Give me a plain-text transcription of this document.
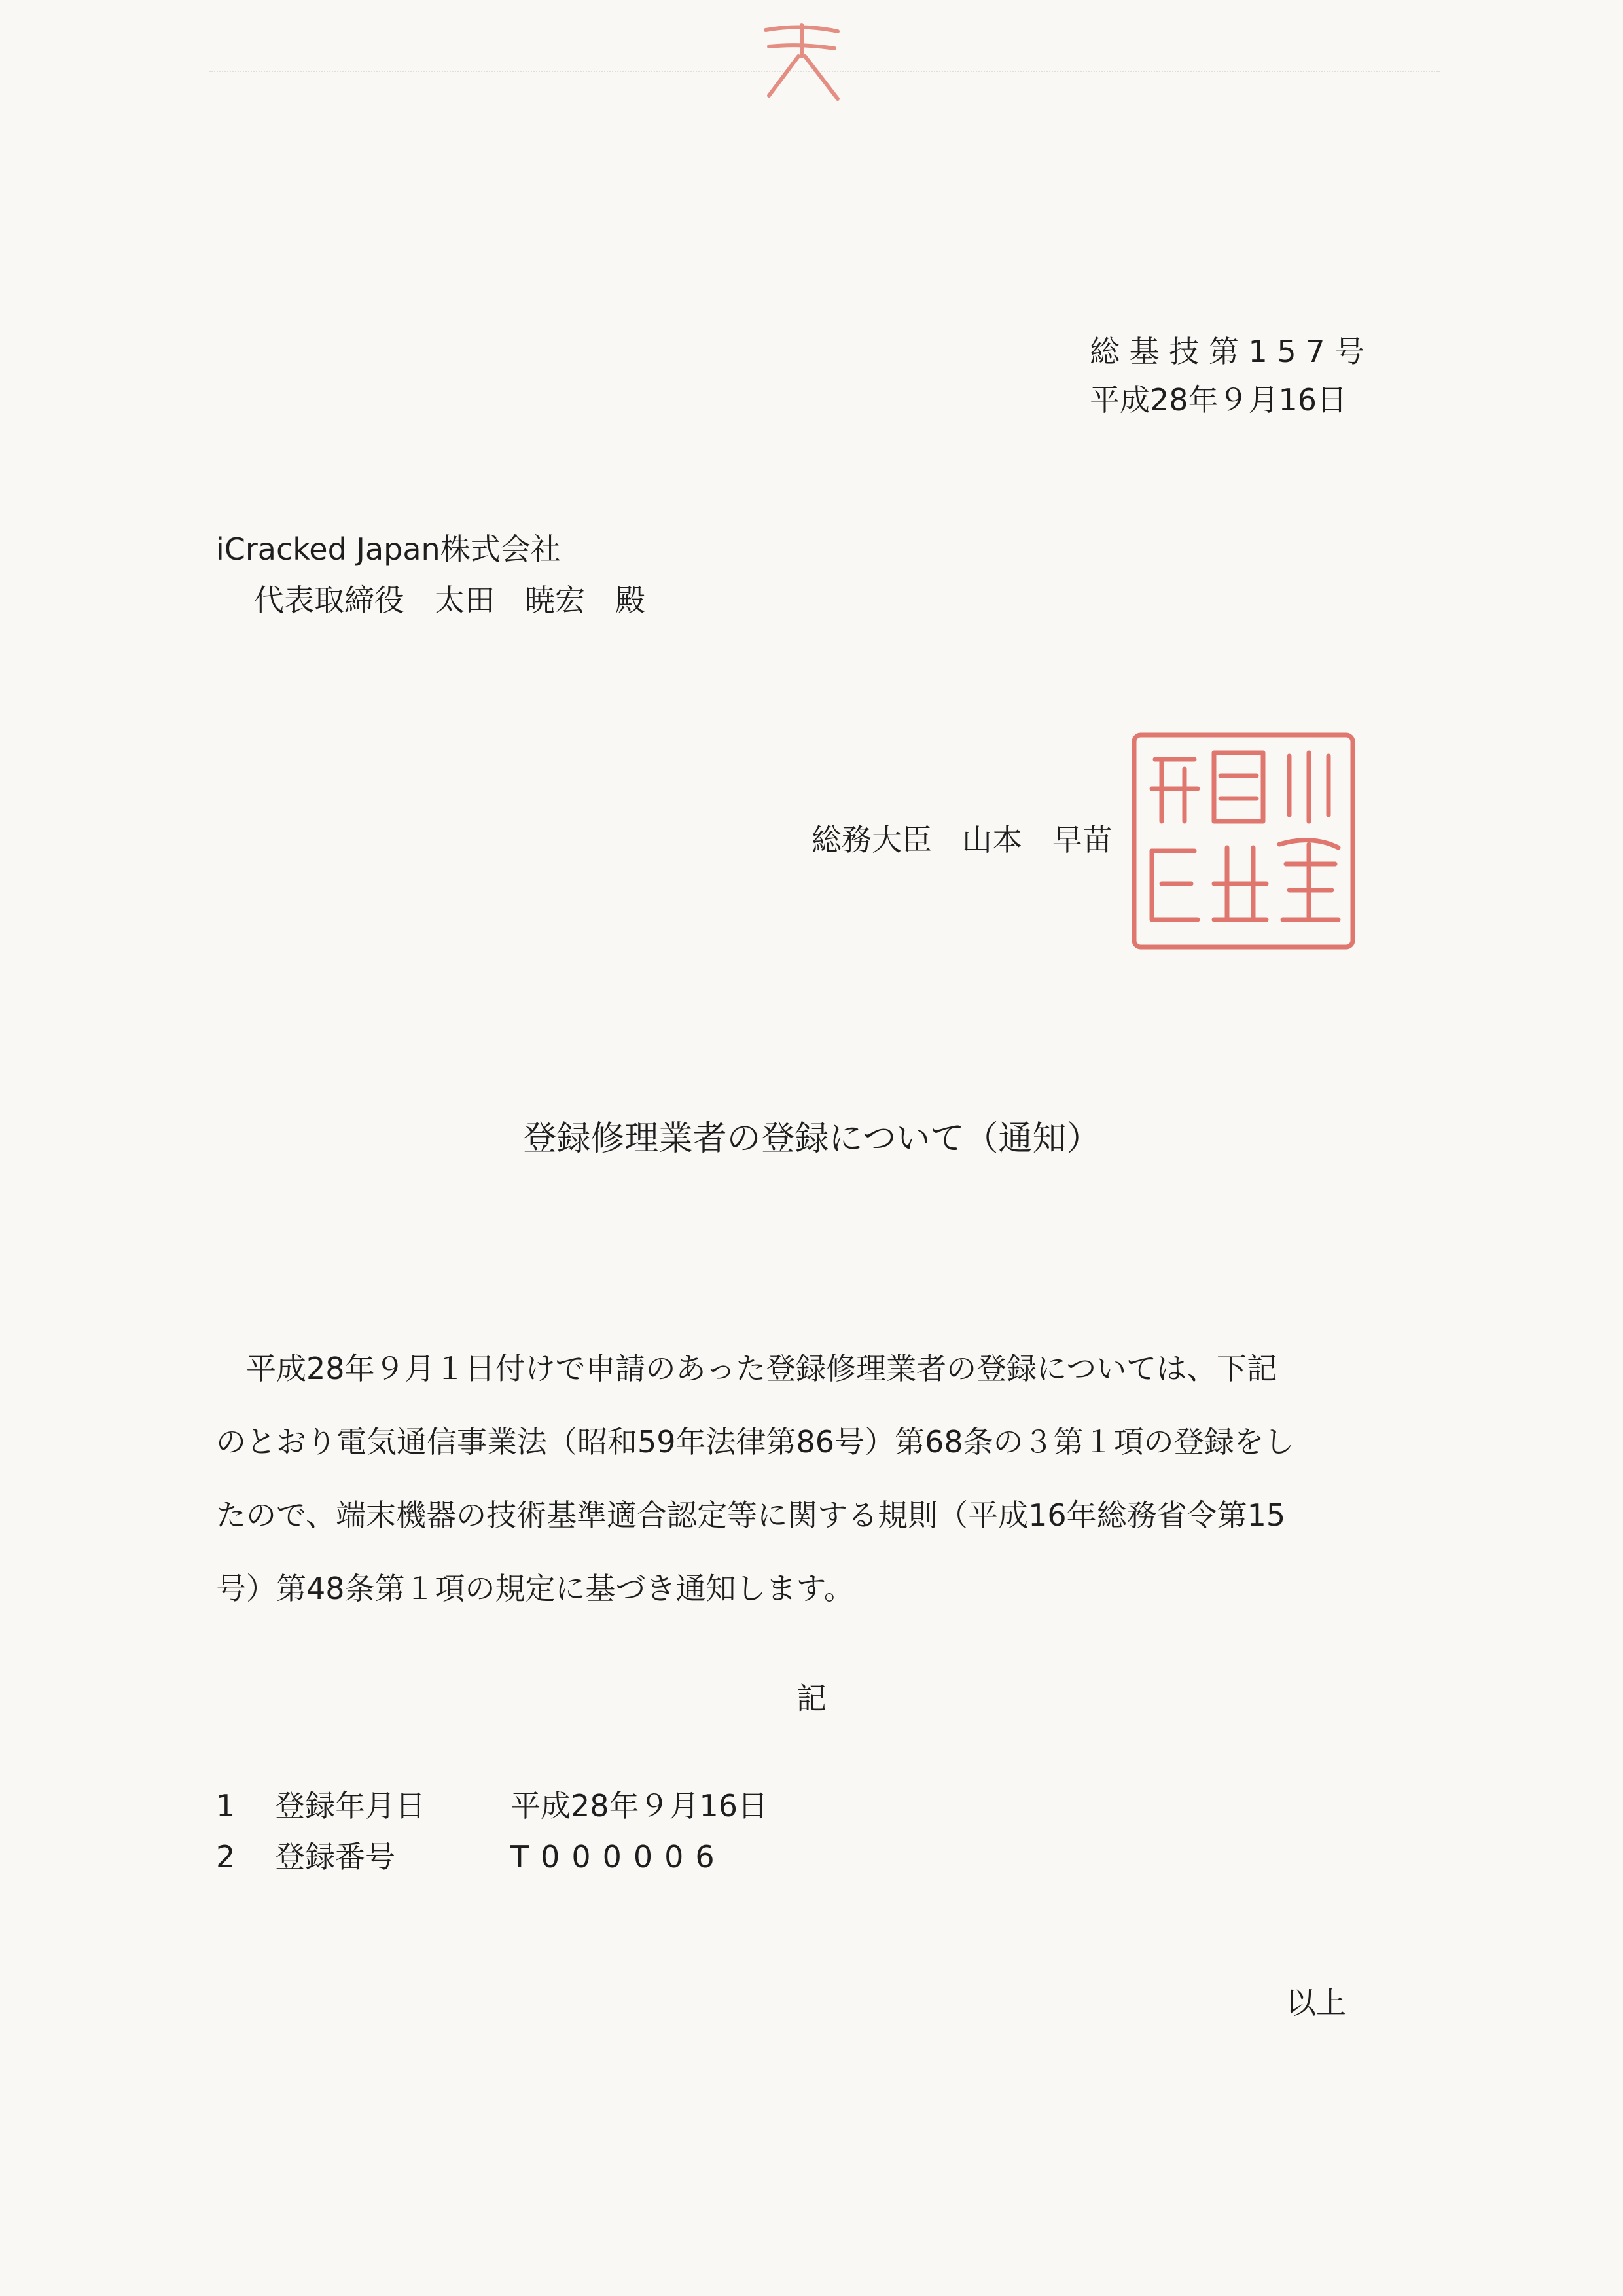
総 基 技 第 1 5 7 号
平成28年９月16日
iCracked Japan株式会社
代表取締役 太田 暁宏 殿
総務大臣 山本 早苗
登録修理業者の登録について（通知）
　平成28年９月１日付けで申請のあった登録修理業者の登録については、下記
のとおり電気通信事業法（昭和59年法律第86号）第68条の３第１項の登録をし
たので、端末機器の技術基準適合認定等に関する規則（平成16年総務省令第15
号）第48条第１項の規定に基づき通知します。
記
1 登録年月日	平成28年９月16日
2 登録番号	T000006
以上
